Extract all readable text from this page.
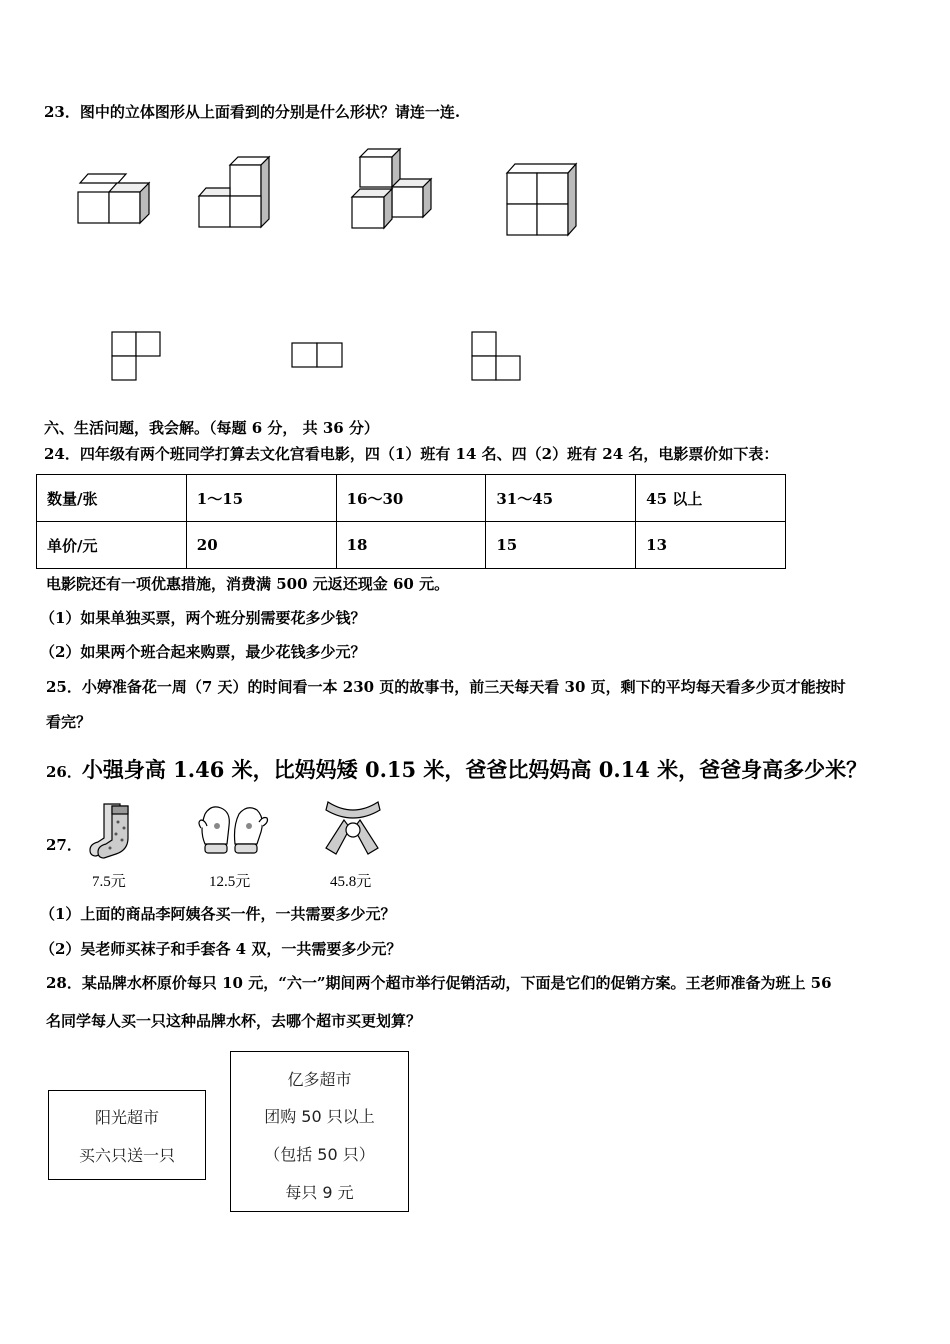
23．图中的立体图形从上面看到的分别是什么形状？请连一连.
六、生活问题，我会解。（每题 6 分， 共 36 分）
24．四年级有两个班同学打算去文化宫看电影，四（1）班有 14 名、四（2）班有 24 名，电影票价如下表：
数量/张	1～15	16～30	31～45	45 以上
单价/元	20	18	15	13
电影院还有一项优惠措施，消费满 500 元返还现金 60 元。
（1）如果单独买票，两个班分别需要花多少钱？
（2）如果两个班合起来购票，最少花钱多少元？
25．小婷准备花一周（7 天）的时间看一本 230 页的故事书，前三天每天看 30 页，剩下的平均每天看多少页才能按时
看完？
26．小强身高 1.46 米，比妈妈矮 0.15 米，爸爸比妈妈高 0.14 米，爸爸身高多少米？
27．
7.5元	12.5元	45.8元
（1）上面的商品李阿姨各买一件，一共需要多少元？
（2）吴老师买袜子和手套各 4 双，一共需要多少元？
28．某品牌水杯原价每只 10 元，“六一”期间两个超市举行促销活动，下面是它们的促销方案。王老师准备为班上 56
名同学每人买一只这种品牌水杯，去哪个超市买更划算？
阳光超市
买六只送一只
亿多超市
团购 50 只以上
（包括 50 只）
每只 9 元
